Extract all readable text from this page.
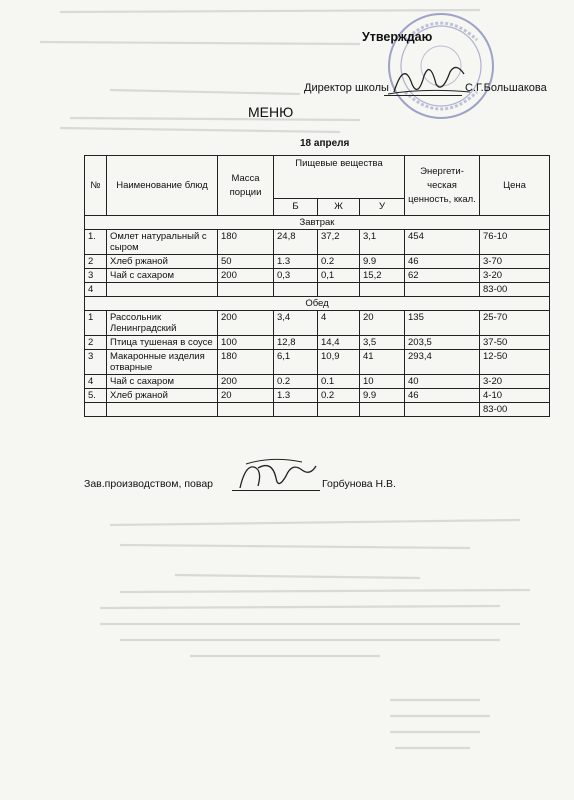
Утверждаю
Директор школы	С.Г.Большакова
МЕНЮ
18 апреля
№	Наименование блюд	Масса порции	Пищевые вещества			Энергети-ческая ценность, ккал.	Цена
			Б	Ж	У		
Завтрак							
1.	Омлет натуральный с сыром	180	24,8	37,2	3,1	454	76-10
2	Хлеб ржаной	50	1.3	0.2	9.9	46	3-70
3	Чай с сахаром	200	0,3	0,1	15,2	62	3-20
4							83-00
Обед							
1	Рассольник Ленинградский	200	3,4	4	20	135	25-70
2	Птица тушеная в соусе	100	12,8	14,4	3,5	203,5	37-50
3	Макаронные изделия отварные	180	6,1	10,9	41	293,4	12-50
4	Чай с сахаром	200	0.2	0.1	10	40	3-20
5.	Хлеб ржаной	20	1.3	0.2	9.9	46	4-10
							83-00
Зав.производством, повар	Горбунова Н.В.
